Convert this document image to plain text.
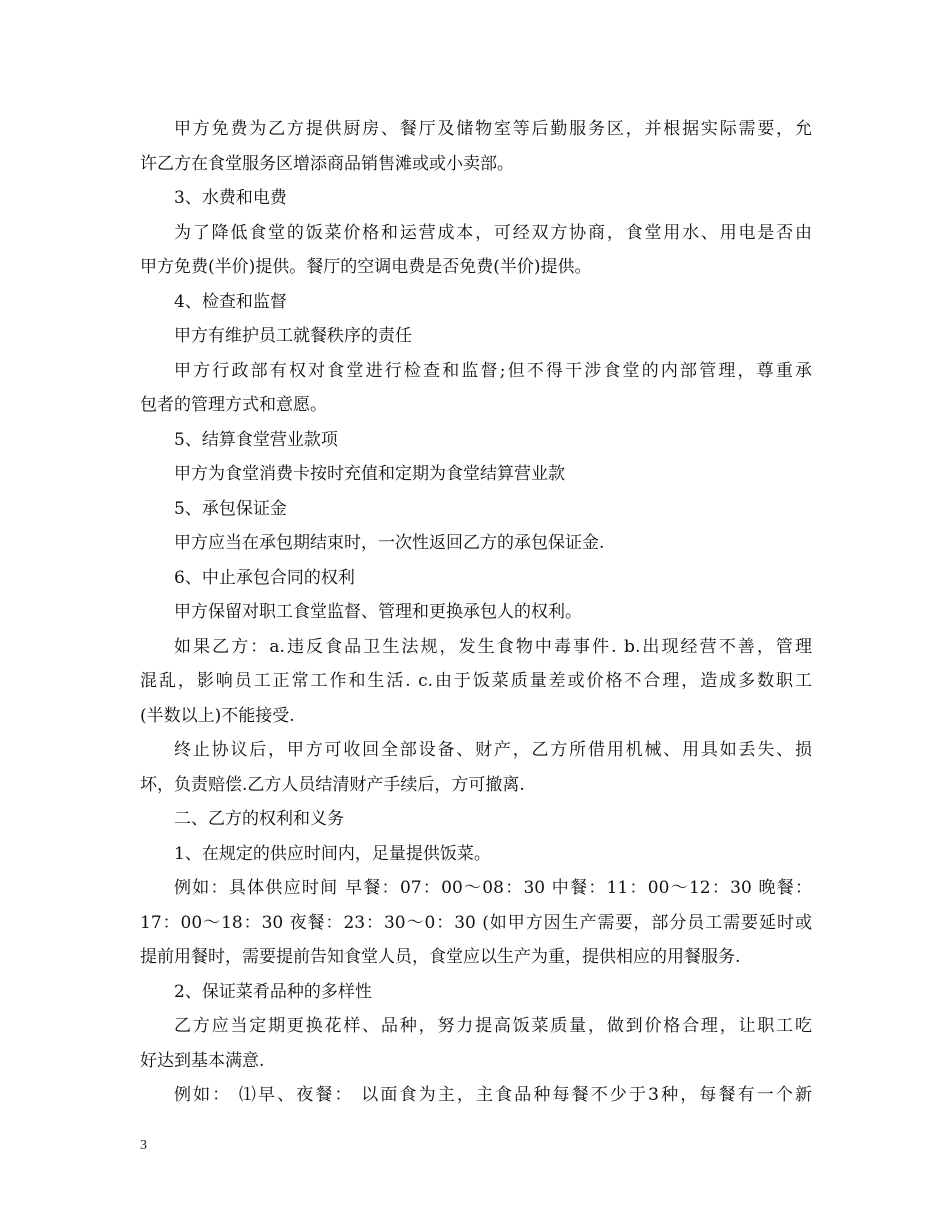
甲方免费为乙方提供厨房、餐厅及储物室等后勤服务区，并根据实际需要，允
许乙方在食堂服务区增添商品销售滩或或小卖部。
3、水费和电费
为了降低食堂的饭菜价格和运营成本，可经双方协商，食堂用水、用电是否由
甲方免费(半价)提供。餐厅的空调电费是否免费(半价)提供。
4、检查和监督
甲方有维护员工就餐秩序的责任
甲方行政部有权对食堂进行检查和监督;但不得干涉食堂的内部管理，尊重承
包者的管理方式和意愿。
5、结算食堂营业款项
甲方为食堂消费卡按时充值和定期为食堂结算营业款
5、承包保证金
甲方应当在承包期结束时，一次性返回乙方的承包保证金.
6、中止承包合同的权利
甲方保留对职工食堂监督、管理和更换承包人的权利。
如果乙方：a.违反食品卫生法规，发生食物中毒事件. b.出现经营不善，管理
混乱，影响员工正常工作和生活. c.由于饭菜质量差或价格不合理，造成多数职工
(半数以上)不能接受.
终止协议后，甲方可收回全部设备、财产，乙方所借用机械、用具如丢失、损
坏，负责赔偿.乙方人员结清财产手续后，方可撤离.
二、乙方的权利和义务
1、在规定的供应时间内，足量提供饭菜。
例如：具体供应时间 早餐：07：00～08：30 中餐：11：00～12：30 晚餐：
17：00～18：30 夜餐：23：30～0：30 (如甲方因生产需要，部分员工需要延时或
提前用餐时，需要提前告知食堂人员，食堂应以生产为重，提供相应的用餐服务.
2、保证菜肴品种的多样性
乙方应当定期更换花样、品种，努力提高饭菜质量，做到价格合理，让职工吃
好达到基本满意.
例如： ⑴早、夜餐： 以面食为主，主食品种每餐不少于3种，每餐有一个新
3
